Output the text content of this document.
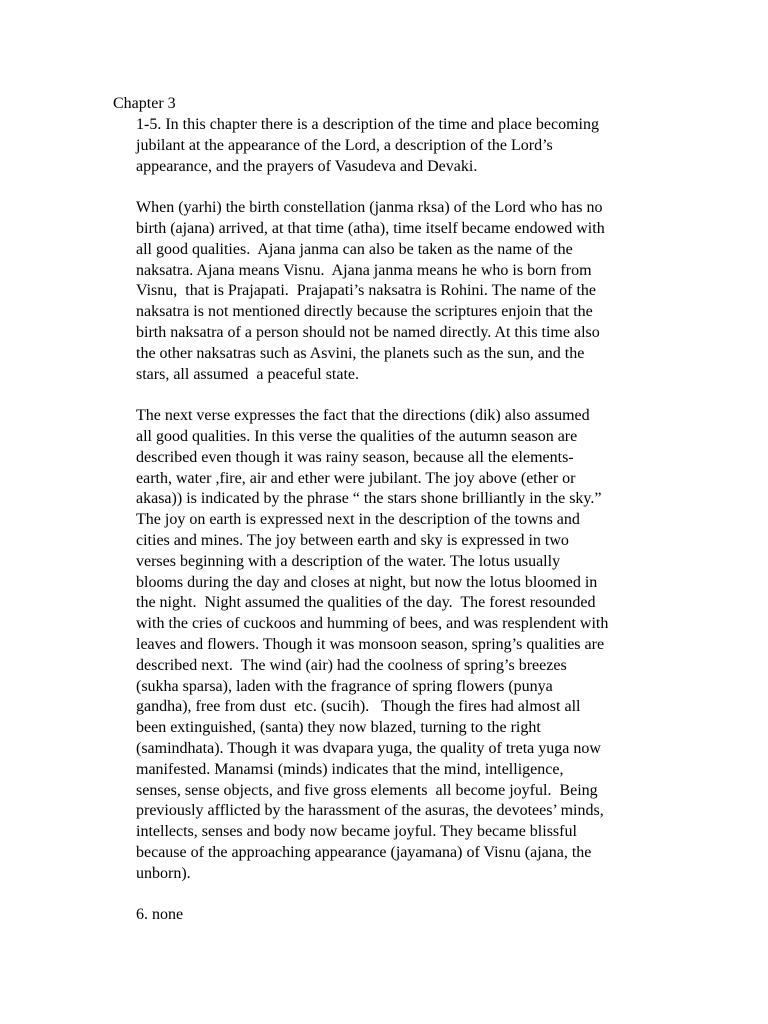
Chapter 3

1-5. In this chapter there is a description of the time and place becoming
jubilant at the appearance of the Lord, a description of the Lord’s
appearance, and the prayers of Vasudeva and Devaki.

When (yarhi) the birth constellation (janma rksa) of the Lord who has no
birth (ajana) arrived, at that time (atha), time itself became endowed with
all good qualities.  Ajana janma can also be taken as the name of the
naksatra. Ajana means Visnu.  Ajana janma means he who is born from
Visnu,  that is Prajapati.  Prajapati’s naksatra is Rohini. The name of the
naksatra is not mentioned directly because the scriptures enjoin that the
birth naksatra of a person should not be named directly. At this time also
the other naksatras such as Asvini, the planets such as the sun, and the
stars, all assumed  a peaceful state.

The next verse expresses the fact that the directions (dik) also assumed
all good qualities. In this verse the qualities of the autumn season are
described even though it was rainy season, because all the elements-
earth, water ,fire, air and ether were jubilant. The joy above (ether or
akasa)) is indicated by the phrase “ the stars shone brilliantly in the sky.”
The joy on earth is expressed next in the description of the towns and
cities and mines. The joy between earth and sky is expressed in two
verses beginning with a description of the water. The lotus usually
blooms during the day and closes at night, but now the lotus bloomed in
the night.  Night assumed the qualities of the day.  The forest resounded
with the cries of cuckoos and humming of bees, and was resplendent with
leaves and flowers. Though it was monsoon season, spring’s qualities are
described next.  The wind (air) had the coolness of spring’s breezes
(sukha sparsa), laden with the fragrance of spring flowers (punya
gandha), free from dust  etc. (sucih).   Though the fires had almost all
been extinguished, (santa) they now blazed, turning to the right
(samindhata). Though it was dvapara yuga, the quality of treta yuga now
manifested. Manamsi (minds) indicates that the mind, intelligence,
senses, sense objects, and five gross elements  all become joyful.  Being
previously afflicted by the harassment of the asuras, the devotees’ minds,
intellects, senses and body now became joyful. They became blissful
because of the approaching appearance (jayamana) of Visnu (ajana, the
unborn).

6. none
